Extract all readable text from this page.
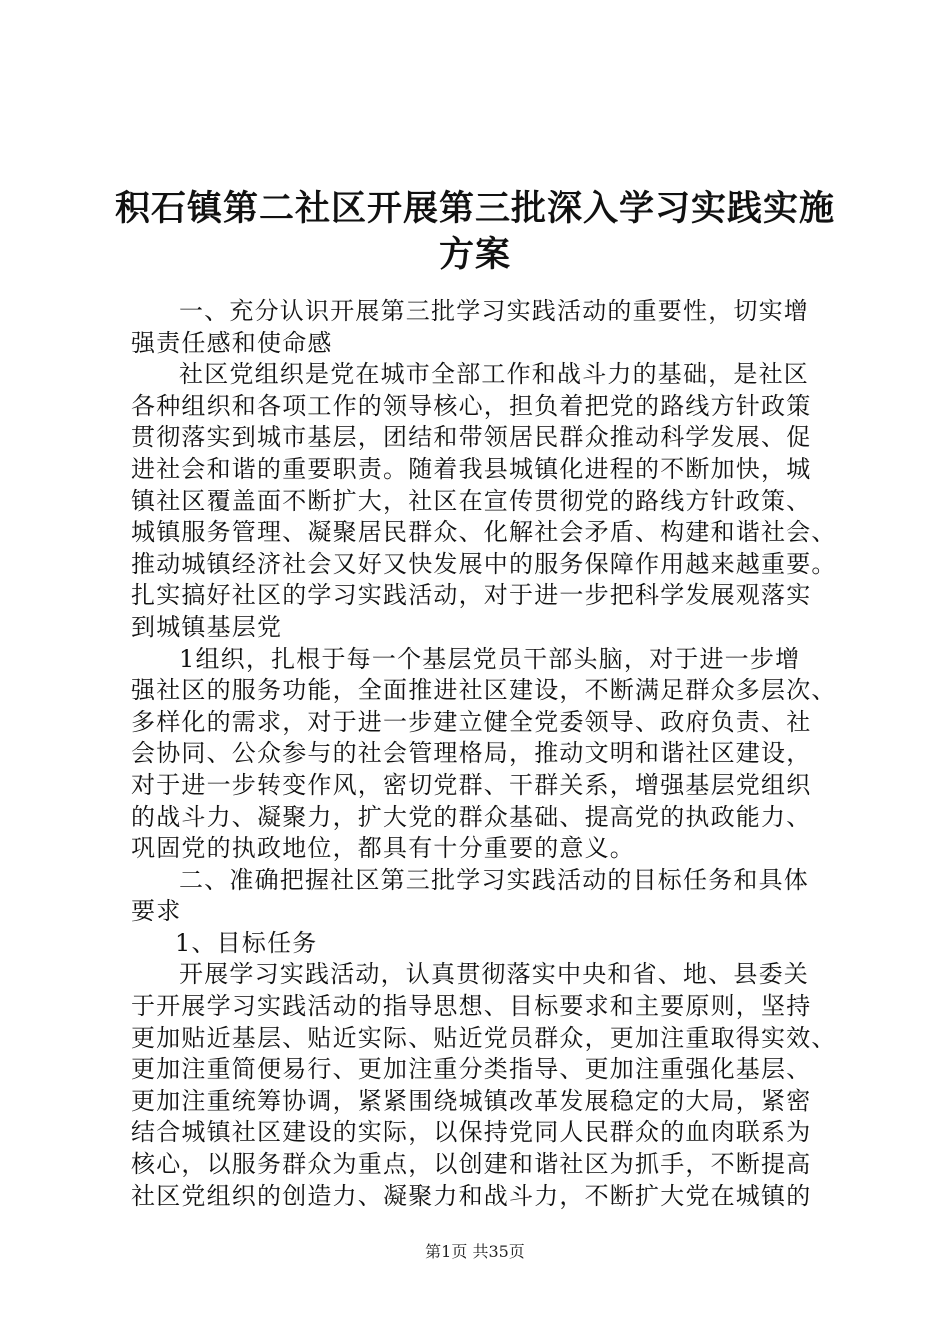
积石镇第二社区开展第三批深入学习实践实施
方案
一、充分认识开展第三批学习实践活动的重要性，切实增
强责任感和使命感
社区党组织是党在城市全部工作和战斗力的基础，是社区
各种组织和各项工作的领导核心，担负着把党的路线方针政策
贯彻落实到城市基层，团结和带领居民群众推动科学发展、促
进社会和谐的重要职责。随着我县城镇化进程的不断加快，城
镇社区覆盖面不断扩大，社区在宣传贯彻党的路线方针政策、
城镇服务管理、凝聚居民群众、化解社会矛盾、构建和谐社会、
推动城镇经济社会又好又快发展中的服务保障作用越来越重要。
扎实搞好社区的学习实践活动，对于进一步把科学发展观落实
到城镇基层党
1组织，扎根于每一个基层党员干部头脑，对于进一步增
强社区的服务功能，全面推进社区建设，不断满足群众多层次、
多样化的需求，对于进一步建立健全党委领导、政府负责、社
会协同、公众参与的社会管理格局，推动文明和谐社区建设，
对于进一步转变作风，密切党群、干群关系，增强基层党组织
的战斗力、凝聚力，扩大党的群众基础、提高党的执政能力、
巩固党的执政地位，都具有十分重要的意义。
二、准确把握社区第三批学习实践活动的目标任务和具体
要求
1、目标任务
开展学习实践活动，认真贯彻落实中央和省、地、县委关
于开展学习实践活动的指导思想、目标要求和主要原则，坚持
更加贴近基层、贴近实际、贴近党员群众，更加注重取得实效、
更加注重简便易行、更加注重分类指导、更加注重强化基层、
更加注重统筹协调，紧紧围绕城镇改革发展稳定的大局，紧密
结合城镇社区建设的实际，以保持党同人民群众的血肉联系为
核心，以服务群众为重点，以创建和谐社区为抓手，不断提高
社区党组织的创造力、凝聚力和战斗力，不断扩大党在城镇的
第1页 共35页
